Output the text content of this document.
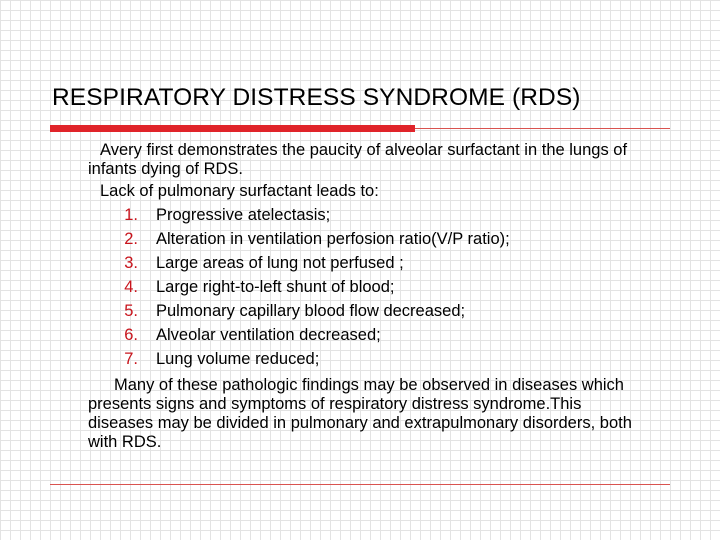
RESPIRATORY DISTRESS SYNDROME (RDS)

Avery first demonstrates the paucity of alveolar surfactant in the lungs of infants dying of RDS.

Lack of pulmonary surfactant leads to:

1. Progressive atelectasis;
2. Alteration in ventilation perfosion ratio(V/P ratio);
3. Large areas of lung not perfused ;
4. Large right-to-left shunt of blood;
5. Pulmonary capillary blood flow decreased;
6. Alveolar ventilation decreased;
7. Lung volume reduced;

Many of these pathologic findings may be observed in diseases which presents signs and symptoms of respiratory distress syndrome.This diseases may be divided in pulmonary and extrapulmonary disorders, both with RDS.
